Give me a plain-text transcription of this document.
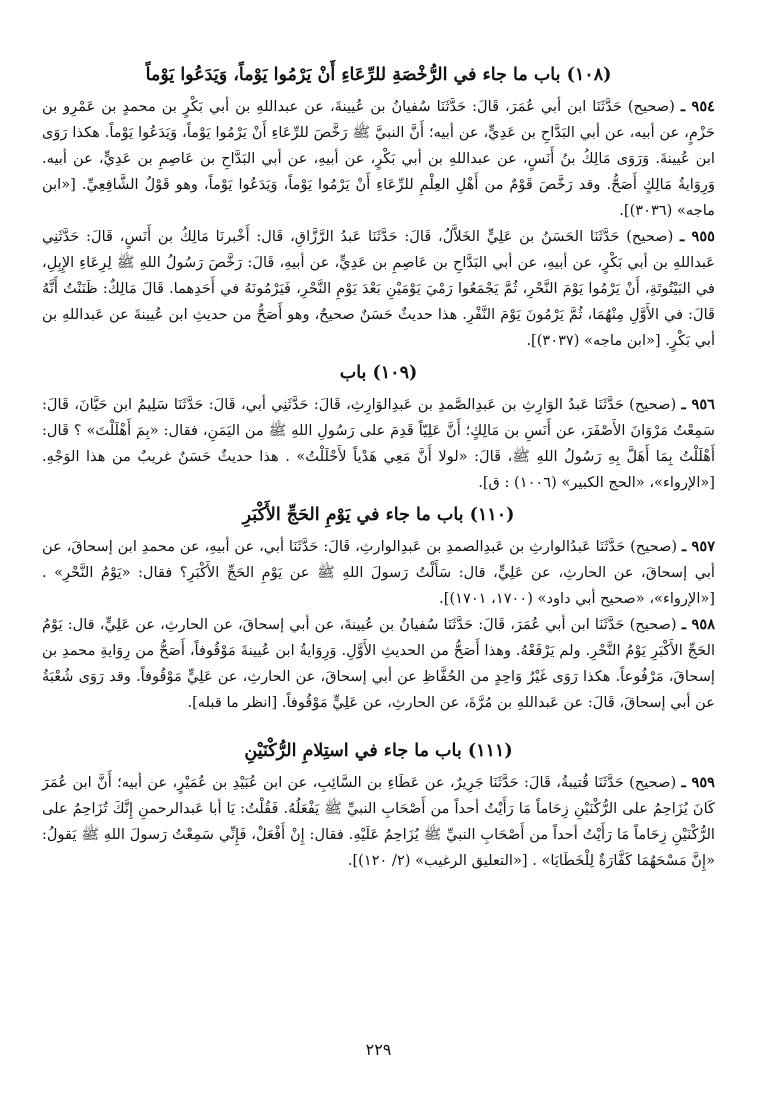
(١٠٨) باب ما جاء في الرُّخْصَةِ للرِّعَاءِ أَنْ يَرْمُوا يَوْماً، وَيَدَعُوا يَوْماً

٩٥٤ ـ (صحيح) حَدَّثَنَا ابن أبي عُمَرَ، قَالَ: حَدَّثَنَا سُفيانُ بن عُيينةَ، عن عبداللهِ بن أبي بَكْرٍ بن محمدٍ بن عَمْرِو بن حَزْمٍ، عن أبيه، عن أبي البَدَّاحِ بن عَدِيٍّ، عن أبيه؛ أَنَّ النبيَّ ﷺ رَخَّصَ للرِّعَاءِ أَنْ يَرْمُوا يَوْماً، وَيَدَعُوا يَوْماً. هكذا رَوَى ابن عُيينةَ. وَرَوَى مَالِكُ بنُ أَنَسٍ، عن عبداللهِ بن أبي بَكْرٍ، عن أبيهِ، عن أبي البَدَّاحِ بن عَاصِمِ بن عَدِيٍّ، عن أبيه. وَرِوَايةُ مَالِكٍ أَصَحُّ. وقد رَخَّصَ قَوْمٌ من أَهْلِ العِلْمِ للرِّعَاءِ أَنْ يَرْمُوا يَوْماً، وَيَدَعُوا يَوْماً، وهو قَوْلُ الشَّافِعِيِّ. [«ابن ماجه» (٣٠٣٦)].

٩٥٥ ـ (صحيح) حَدَّثَنَا الحَسَنُ بن عَلِيٍّ الخَلاَّلُ، قَالَ: حَدَّثَنَا عَبدُ الرَّزَّاقِ، قَال: أَخْبرنَا مَالِكُ بن أَنَسٍ، قَالَ: حَدَّثَنِي عَبداللهِ بن أبي بَكْرٍ، عن أبيهِ، عن أبي البَدَّاحِ بن عَاصِمِ بن عَدِيٍّ، عن أبيهِ، قَالَ: رَخَّصَ رَسُولُ اللهِ ﷺ لِرِعَاءِ الإِبِلِ، في البَيْتُوتَةِ، أَنْ يَرْمُوا يَوْمَ النَّحْرِ، ثُمَّ يَجْمَعُوا رَمْيَ يَوْمَيْنِ بَعْدَ يَوْمِ النَّحْرِ، فَيَرْمُونَهُ في أَحَدِهما. قَالَ مَالِكٌ: ظَنَنْتُ أَنَّهُ قَالَ: في الأَوَّلِ مِنْهُمَا، ثُمَّ يَرْمُونَ يَوْمَ النَّفْرِ. هذا حديثٌ حَسَنٌ صحيحٌ، وهو أَصَحُّ من حديثِ ابن عُيينةَ عن عَبداللهِ بن أبي بَكْرٍ. [«ابن ماجه» (٣٠٣٧)].

(١٠٩) باب

٩٥٦ ـ (صحيح) حَدَّثَنَا عَبدُ الوَارِثِ بن عَبدِالصَّمدِ بن عَبدِالوَارِثِ، قَالَ: حَدَّثَنِي أبي، قَالَ: حَدَّثَنَا سَلِيمُ ابن حَيَّانَ، قَالَ: سَمِعْتُ مَرْوَانَ الأَصْفَرَ، عن أَنَسِ بن مَالِكٍ؛ أَنَّ عَلِيّاً قَدِمَ على رَسُولِ اللهِ ﷺ من اليَمَنِ، فقال: «بِمَ أَهْلَلْتَ» ؟ قَال: أَهْلَلْتُ بِمَا أَهَلَّ بِهِ رَسُولُ اللهِ ﷺ، قَالَ: «لولا أَنَّ مَعِي هَدْياً لأَحْلَلْتُ» . هذا حديثٌ حَسَنٌ غريبٌ من هذا الوَجْهِ. [«الإرواء»، «الحج الكبير» (١٠٠٦) : ق].

(١١٠) باب ما جاء في يَوْمِ الحَجِّ الأَكْبَرِ

٩٥٧ ـ (صحيح) حَدَّثَنَا عَبدُالوارثِ بن عَبدِالصمدِ بن عَبدِالوارثِ، قَالَ: حَدَّثَنَا أبي، عن أبيهِ، عن محمدِ ابن إسحاقَ، عن أبي إسحاقَ، عن الحارثِ، عن عَلِيٍّ، قال: سَأَلْتُ رَسولَ اللهِ ﷺ عن يَوْمِ الحَجِّ الأَكْبَرِ؟ فقال: «يَوْمُ النَّحْرِ» . [«الإرواء»، «صحيح أبي داود» (١٧٠٠، ١٧٠١)].

٩٥٨ ـ (صحيح) حَدَّثَنَا ابن أبي عُمَرَ، قَالَ: حَدَّثَنَا سُفيانُ بن عُيينةَ، عن أبي إسحاقَ، عن الحارثِ، عن عَلِيٍّ، قال: يَوْمُ الحَجِّ الأَكْبَرِ يَوْمُ النَّحْرِ. ولم يَرْفَعْهُ. وهذا أَصَحُّ من الحديثِ الأَوَّلِ. وَرِوَايةُ ابن عُيينةَ مَوْقُوفاً، أَصَحُّ من رِوَايةِ محمدِ بن إسحاقَ، مَرْفُوعاً. هكذا رَوَى غَيْرُ وَاحِدٍ من الحُفَّاظِ عن أبي إسحاقَ، عن الحارثِ، عن عَلِيٍّ مَوْقُوفاً. وقد رَوَى شُعْبَةُ عن أبي إسحاقَ، قَالَ: عن عَبداللهِ بن مُرَّةَ، عن الحارثِ، عن عَلِيٍّ مَوْقُوفاً. [انظر ما قبله].

(١١١) باب ما جاء في استِلامِ الرُّكْنَيْنِ

٩٥٩ ـ (صحيح) حَدَّثَنَا قُتيبةُ، قَالَ: حَدَّثَنَا جَرِيرٌ، عن عَطَاءِ بن السَّائِبِ، عن ابن عُبَيْدِ بن عُمَيْرٍ، عن أبيه؛ أَنَّ ابن عُمَرَ كَانَ يُزَاحِمُ على الرُّكْنَيْنِ زِحَاماً مَا رَأَيْتُ أحداً من أَصْحَابِ النبيِّ ﷺ يَفْعَلُهُ. فَقُلْتُ: يَا أبا عَبدالرحمنِ إِنَّكَ تُزَاحِمُ على الرُّكْنَيْنِ زِحَاماً مَا رَأَيْتُ أحداً من أَصْحَابِ النبيِّ ﷺ يُزَاحِمُ عَلَيْهِ. فقال: إِنْ أَفْعَلْ، فَإِنِّي سَمِعْتُ رَسولَ اللهِ ﷺ يَقولُ: «إِنَّ مَسْحَهُمَا كَفَّارَةٌ لِلْخَطَايَا» . [«التعليق الرغيب» (٢/ ١٢٠)].

٢٢٩
